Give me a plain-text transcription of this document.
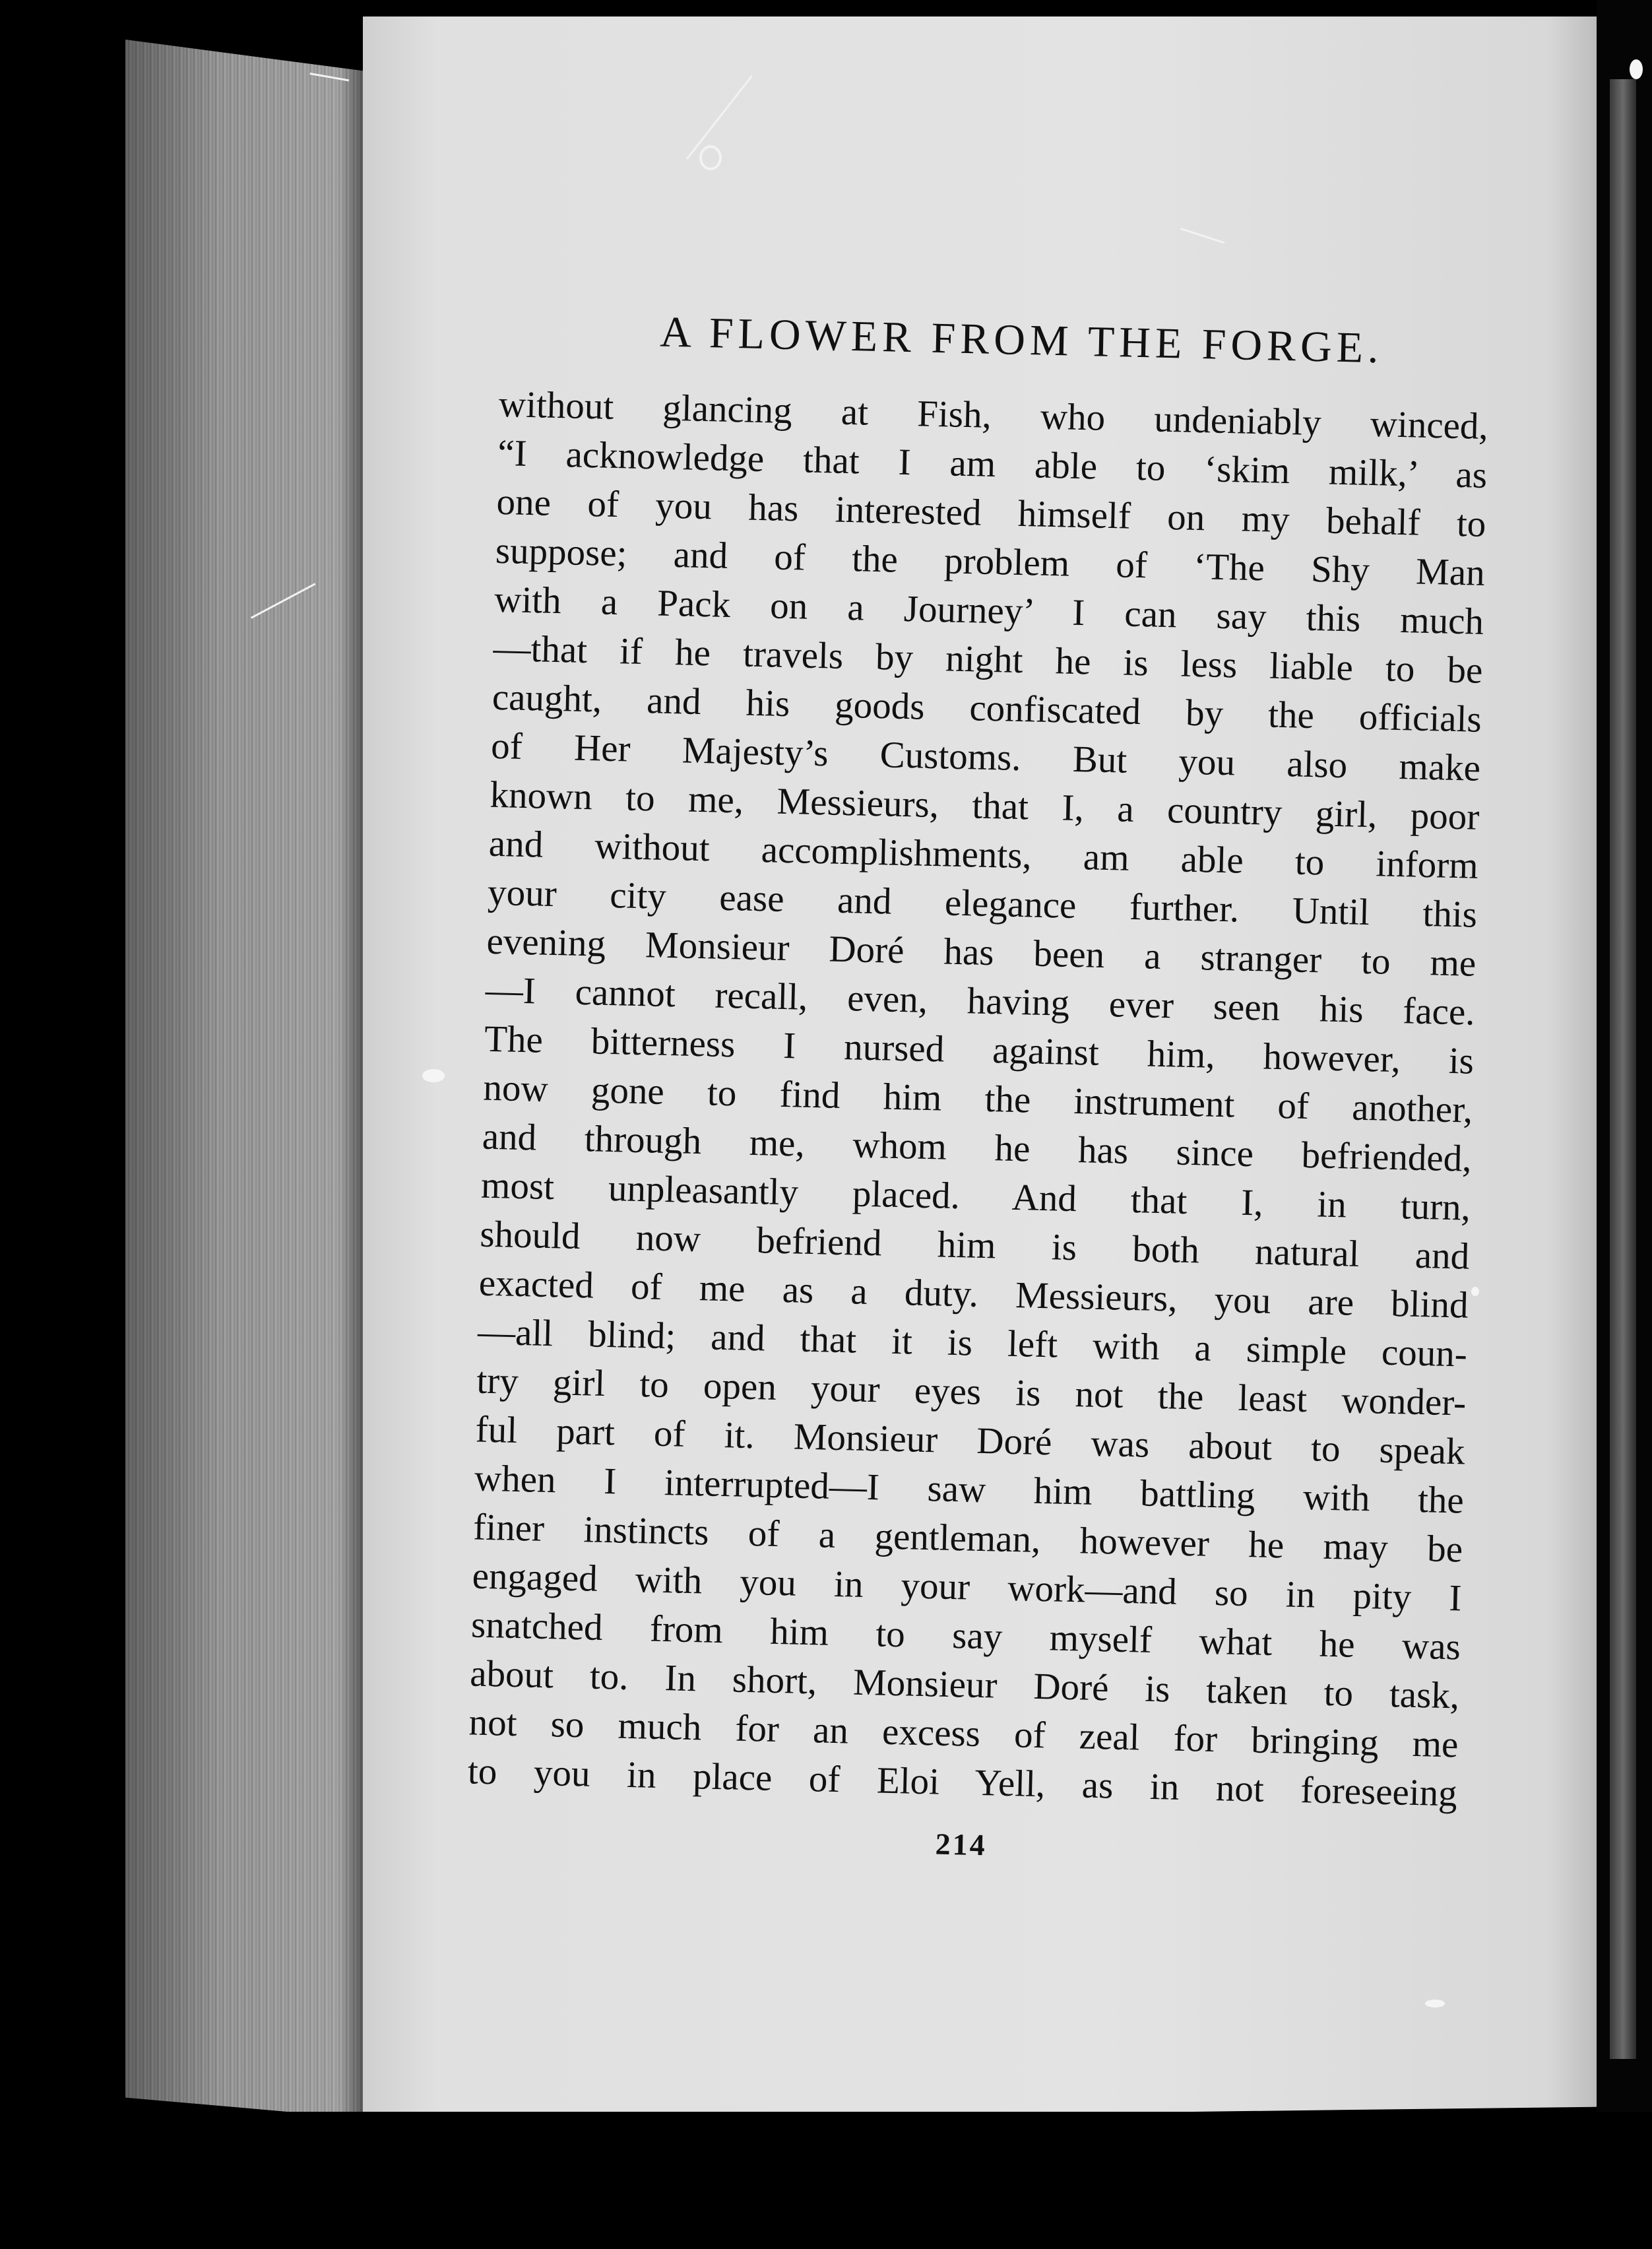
A FLOWER FROM THE FORGE.
without glancing at Fish, who undeniably winced,
“I acknowledge that I am able to ‘skim milk,’ as
one of you has interested himself on my behalf to
suppose; and of the problem of ‘The Shy Man
with a Pack on a Journey’ I can say this much
—that if he travels by night he is less liable to be
caught, and his goods confiscated by the officials
of Her Majesty’s Customs. But you also make
known to me, Messieurs, that I, a country girl, poor
and without accomplishments, am able to inform
your city ease and elegance further. Until this
evening Monsieur Doré has been a stranger to me
—I cannot recall, even, having ever seen his face.
The bitterness I nursed against him, however, is
now gone to find him the instrument of another,
and through me, whom he has since befriended,
most unpleasantly placed. And that I, in turn,
should now befriend him is both natural and
exacted of me as a duty. Messieurs, you are blind
—all blind; and that it is left with a simple coun-
try girl to open your eyes is not the least wonder-
ful part of it. Monsieur Doré was about to speak
when I interrupted—I saw him battling with the
finer instincts of a gentleman, however he may be
engaged with you in your work—and so in pity I
snatched from him to say myself what he was
about to. In short, Monsieur Doré is taken to task,
not so much for an excess of zeal for bringing me
to you in place of Eloi Yell, as in not foreseeing
214
